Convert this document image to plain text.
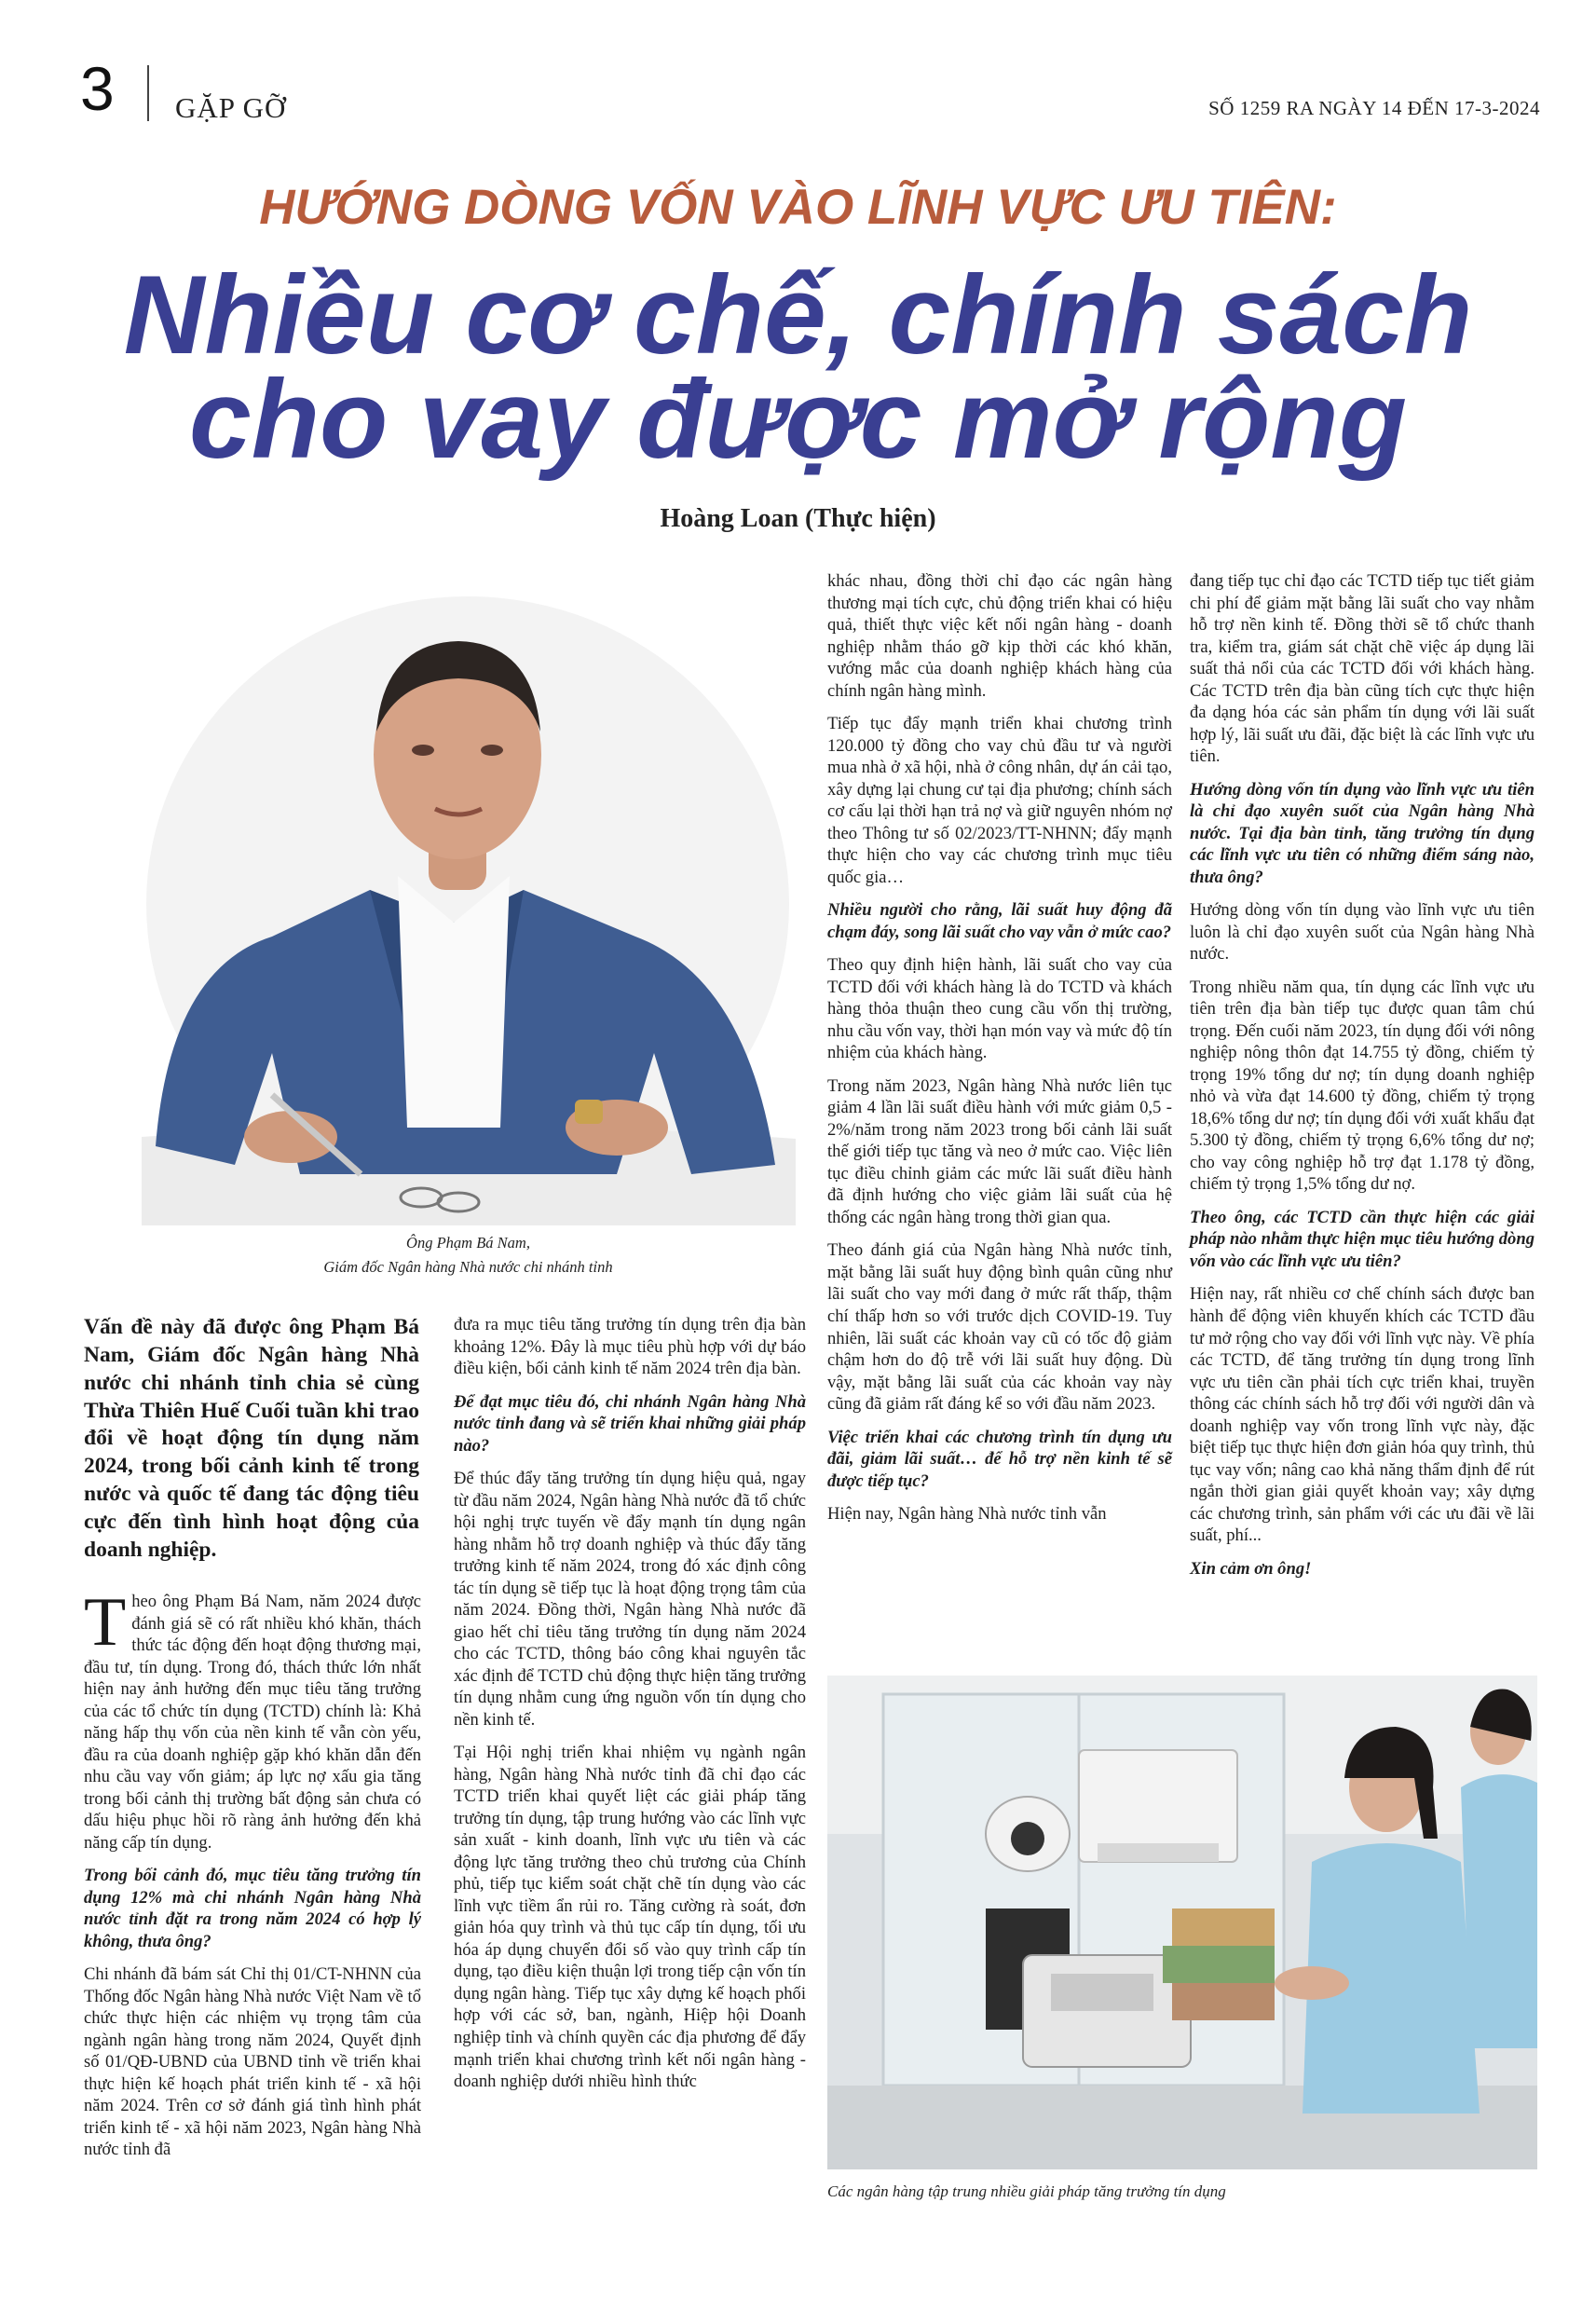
3 GẶP GỠ	SỐ 1259 RA NGÀY 14 ĐẾN 17-3-2024
HƯỚNG DÒNG VỐN VÀO LĨNH VỰC ƯU TIÊN:
Nhiều cơ chế, chính sách
cho vay được mở rộng
Hoàng Loan (Thực hiện)
Ông Phạm Bá Nam,
Giám đốc Ngân hàng Nhà nước chi nhánh tỉnh
Vấn đề này đã được ông Phạm Bá Nam, Giám đốc Ngân hàng Nhà nước chi nhánh tỉnh chia sẻ cùng Thừa Thiên Huế Cuối tuần khi trao đổi về hoạt động tín dụng năm 2024, trong bối cảnh kinh tế trong nước và quốc tế đang tác động tiêu cực đến tình hình hoạt động của doanh nghiệp.

Theo ông Phạm Bá Nam, năm 2024 được đánh giá sẽ có rất nhiều khó khăn, thách thức tác động đến hoạt động thương mại, đầu tư, tín dụng. Trong đó, thách thức lớn nhất hiện nay ảnh hưởng đến mục tiêu tăng trưởng của các tổ chức tín dụng (TCTD) chính là: Khả năng hấp thụ vốn của nền kinh tế vẫn còn yếu, đầu ra của doanh nghiệp gặp khó khăn dẫn đến nhu cầu vay vốn giảm; áp lực nợ xấu gia tăng trong bối cảnh thị trường bất động sản chưa có dấu hiệu phục hồi rõ ràng ảnh hưởng đến khả năng cấp tín dụng.

Trong bối cảnh đó, mục tiêu tăng trưởng tín dụng 12% mà chi nhánh Ngân hàng Nhà nước tỉnh đặt ra trong năm 2024 có hợp lý không, thưa ông?

Chi nhánh đã bám sát Chỉ thị 01/CT-NHNN của Thống đốc Ngân hàng Nhà nước Việt Nam về tổ chức thực hiện các nhiệm vụ trọng tâm của ngành ngân hàng trong năm 2024, Quyết định số 01/QĐ-UBND của UBND tỉnh về triển khai thực hiện kế hoạch phát triển kinh tế - xã hội năm 2024. Trên cơ sở đánh giá tình hình phát triển kinh tế - xã hội năm 2023, Ngân hàng Nhà nước tỉnh đã

đưa ra mục tiêu tăng trưởng tín dụng trên địa bàn khoảng 12%. Đây là mục tiêu phù hợp với dự báo điều kiện, bối cảnh kinh tế năm 2024 trên địa bàn.

Để đạt mục tiêu đó, chi nhánh Ngân hàng Nhà nước tỉnh đang và sẽ triển khai những giải pháp nào?

Để thúc đẩy tăng trưởng tín dụng hiệu quả, ngay từ đầu năm 2024, Ngân hàng Nhà nước đã tổ chức hội nghị trực tuyến về đẩy mạnh tín dụng ngân hàng nhằm hỗ trợ doanh nghiệp và thúc đẩy tăng trưởng kinh tế năm 2024, trong đó xác định công tác tín dụng sẽ tiếp tục là hoạt động trọng tâm của năm 2024. Đồng thời, Ngân hàng Nhà nước đã giao hết chỉ tiêu tăng trưởng tín dụng năm 2024 cho các TCTD, thông báo công khai nguyên tắc xác định để TCTD chủ động thực hiện tăng trưởng tín dụng nhằm cung ứng nguồn vốn tín dụng cho nền kinh tế.

Tại Hội nghị triển khai nhiệm vụ ngành ngân hàng, Ngân hàng Nhà nước tỉnh đã chỉ đạo các TCTD triển khai quyết liệt các giải pháp tăng trưởng tín dụng, tập trung hướng vào các lĩnh vực sản xuất - kinh doanh, lĩnh vực ưu tiên và các động lực tăng trưởng theo chủ trương của Chính phủ, tiếp tục kiểm soát chặt chẽ tín dụng vào các lĩnh vực tiềm ẩn rủi ro. Tăng cường rà soát, đơn giản hóa quy trình và thủ tục cấp tín dụng, tối ưu hóa áp dụng chuyển đổi số vào quy trình cấp tín dụng, tạo điều kiện thuận lợi trong tiếp cận vốn tín dụng ngân hàng. Tiếp tục xây dựng kế hoạch phối hợp với các sở, ban, ngành, Hiệp hội Doanh nghiệp tỉnh và chính quyền các địa phương để đẩy mạnh triển khai chương trình kết nối ngân hàng - doanh nghiệp dưới nhiều hình thức

khác nhau, đồng thời chỉ đạo các ngân hàng thương mại tích cực, chủ động triển khai có hiệu quả, thiết thực việc kết nối ngân hàng - doanh nghiệp nhằm tháo gỡ kịp thời các khó khăn, vướng mắc của doanh nghiệp khách hàng của chính ngân hàng mình.

Tiếp tục đẩy mạnh triển khai chương trình 120.000 tỷ đồng cho vay chủ đầu tư và người mua nhà ở xã hội, nhà ở công nhân, dự án cải tạo, xây dựng lại chung cư tại địa phương; chính sách cơ cấu lại thời hạn trả nợ và giữ nguyên nhóm nợ theo Thông tư số 02/2023/TT-NHNN; đẩy mạnh thực hiện cho vay các chương trình mục tiêu quốc gia…

Nhiều người cho rằng, lãi suất huy động đã chạm đáy, song lãi suất cho vay vẫn ở mức cao?

Theo quy định hiện hành, lãi suất cho vay của TCTD đối với khách hàng là do TCTD và khách hàng thỏa thuận theo cung cầu vốn thị trường, nhu cầu vốn vay, thời hạn món vay và mức độ tín nhiệm của khách hàng.

Trong năm 2023, Ngân hàng Nhà nước liên tục giảm 4 lần lãi suất điều hành với mức giảm 0,5 - 2%/năm trong năm 2023 trong bối cảnh lãi suất thế giới tiếp tục tăng và neo ở mức cao. Việc liên tục điều chỉnh giảm các mức lãi suất điều hành đã định hướng cho việc giảm lãi suất của hệ thống các ngân hàng trong thời gian qua.

Theo đánh giá của Ngân hàng Nhà nước tỉnh, mặt bằng lãi suất huy động bình quân cũng như lãi suất cho vay mới đang ở mức rất thấp, thậm chí thấp hơn so với trước dịch COVID-19. Tuy nhiên, lãi suất các khoản vay cũ có tốc độ giảm chậm hơn do độ trễ với lãi suất huy động. Dù vậy, mặt bằng lãi suất của các khoản vay này cũng đã giảm rất đáng kể so với đầu năm 2023.

Việc triển khai các chương trình tín dụng ưu đãi, giảm lãi suất… để hỗ trợ nền kinh tế sẽ được tiếp tục?

Hiện nay, Ngân hàng Nhà nước tỉnh vẫn

đang tiếp tục chỉ đạo các TCTD tiếp tục tiết giảm chi phí để giảm mặt bằng lãi suất cho vay nhằm hỗ trợ nền kinh tế. Đồng thời sẽ tổ chức thanh tra, kiểm tra, giám sát chặt chẽ việc áp dụng lãi suất thả nổi của các TCTD đối với khách hàng. Các TCTD trên địa bàn cũng tích cực thực hiện đa dạng hóa các sản phẩm tín dụng với lãi suất hợp lý, lãi suất ưu đãi, đặc biệt là các lĩnh vực ưu tiên.

Hướng dòng vốn tín dụng vào lĩnh vực ưu tiên là chỉ đạo xuyên suốt của Ngân hàng Nhà nước. Tại địa bàn tỉnh, tăng trưởng tín dụng các lĩnh vực ưu tiên có những điểm sáng nào, thưa ông?

Hướng dòng vốn tín dụng vào lĩnh vực ưu tiên luôn là chỉ đạo xuyên suốt của Ngân hàng Nhà nước.

Trong nhiều năm qua, tín dụng các lĩnh vực ưu tiên trên địa bàn tiếp tục được quan tâm chú trọng. Đến cuối năm 2023, tín dụng đối với nông nghiệp nông thôn đạt 14.755 tỷ đồng, chiếm tỷ trọng 19% tổng dư nợ; tín dụng doanh nghiệp nhỏ và vừa đạt 14.600 tỷ đồng, chiếm tỷ trọng 18,6% tổng dư nợ; tín dụng đối với xuất khẩu đạt 5.300 tỷ đồng, chiếm tỷ trọng 6,6% tổng dư nợ; cho vay công nghiệp hỗ trợ đạt 1.178 tỷ đồng, chiếm tỷ trọng 1,5% tổng dư nợ.

Theo ông, các TCTD cần thực hiện các giải pháp nào nhằm thực hiện mục tiêu hướng dòng vốn vào các lĩnh vực ưu tiên?

Hiện nay, rất nhiều cơ chế chính sách được ban hành để động viên khuyến khích các TCTD đầu tư mở rộng cho vay đối với lĩnh vực này. Về phía các TCTD, để tăng trưởng tín dụng trong lĩnh vực ưu tiên cần phải tích cực triển khai, truyền thông các chính sách hỗ trợ đối với người dân và doanh nghiệp vay vốn trong lĩnh vực này, đặc biệt tiếp tục thực hiện đơn giản hóa quy trình, thủ tục vay vốn; nâng cao khả năng thẩm định để rút ngắn thời gian giải quyết khoản vay; xây dựng các chương trình, sản phẩm với các ưu đãi về lãi suất, phí...

Xin cảm ơn ông!

Các ngân hàng tập trung nhiều giải pháp tăng trưởng tín dụng
